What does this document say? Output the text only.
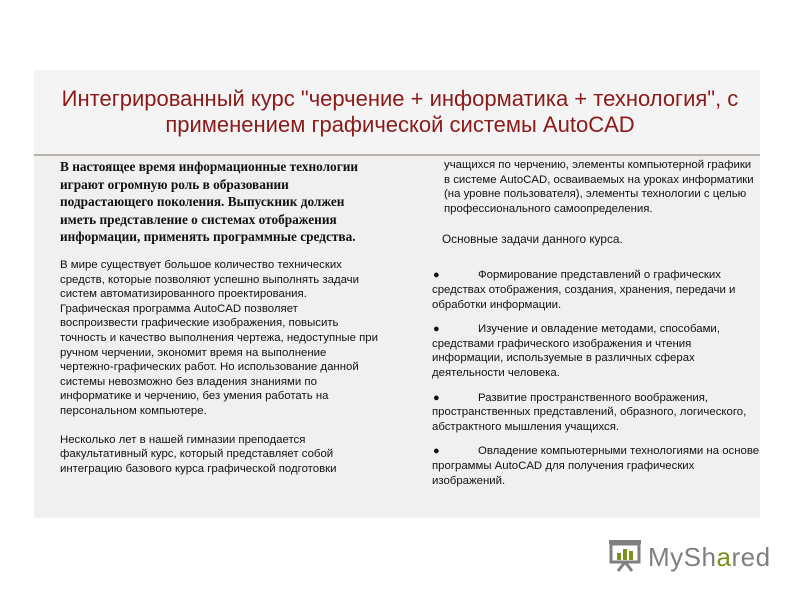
Интегрированный курс "черчение + информатика + технология", с применением графической системы AutoCAD

В настоящее время информационные технологии играют огромную роль в образовании подрастающего поколения. Выпускник должен иметь представление о системах отображения информации, применять программные средства.

В мире существует большое количество технических средств, которые позволяют успешно выполнять задачи систем автоматизированного проектирования. Графическая программа AutoCAD позволяет воспроизвести графические изображения, повысить точность и качество выполнения чертежа, недоступные при ручном черчении, экономит время на выполнение чертежно-графических работ. Но использование данной системы невозможно без владения знаниями по информатике и черчению, без умения работать на персональном компьютере.

Несколько лет в нашей гимназии преподается факультативный курс, который представляет собой интеграцию базового курса графической подготовки

учащихся по черчению, элементы компьютерной графики в системе AutoCAD, осваиваемых на уроках информатики (на уровне пользователя), элементы технологии с целью профессионального самоопределения.

Основные задачи данного курса.

●	Формирование представлений о графических средствах отображения, создания, хранения, передачи и обработки информации.
●	Изучение и овладение методами, способами, средствами графического изображения и чтения информации, используемые в различных сферах деятельности человека.
●	Развитие пространственного воображения, пространственных представлений, образного, логического, абстрактного мышления учащихся.
●	Овладение компьютерными технологиями на основе программы AutoCAD для получения графических изображений.
MyShared
